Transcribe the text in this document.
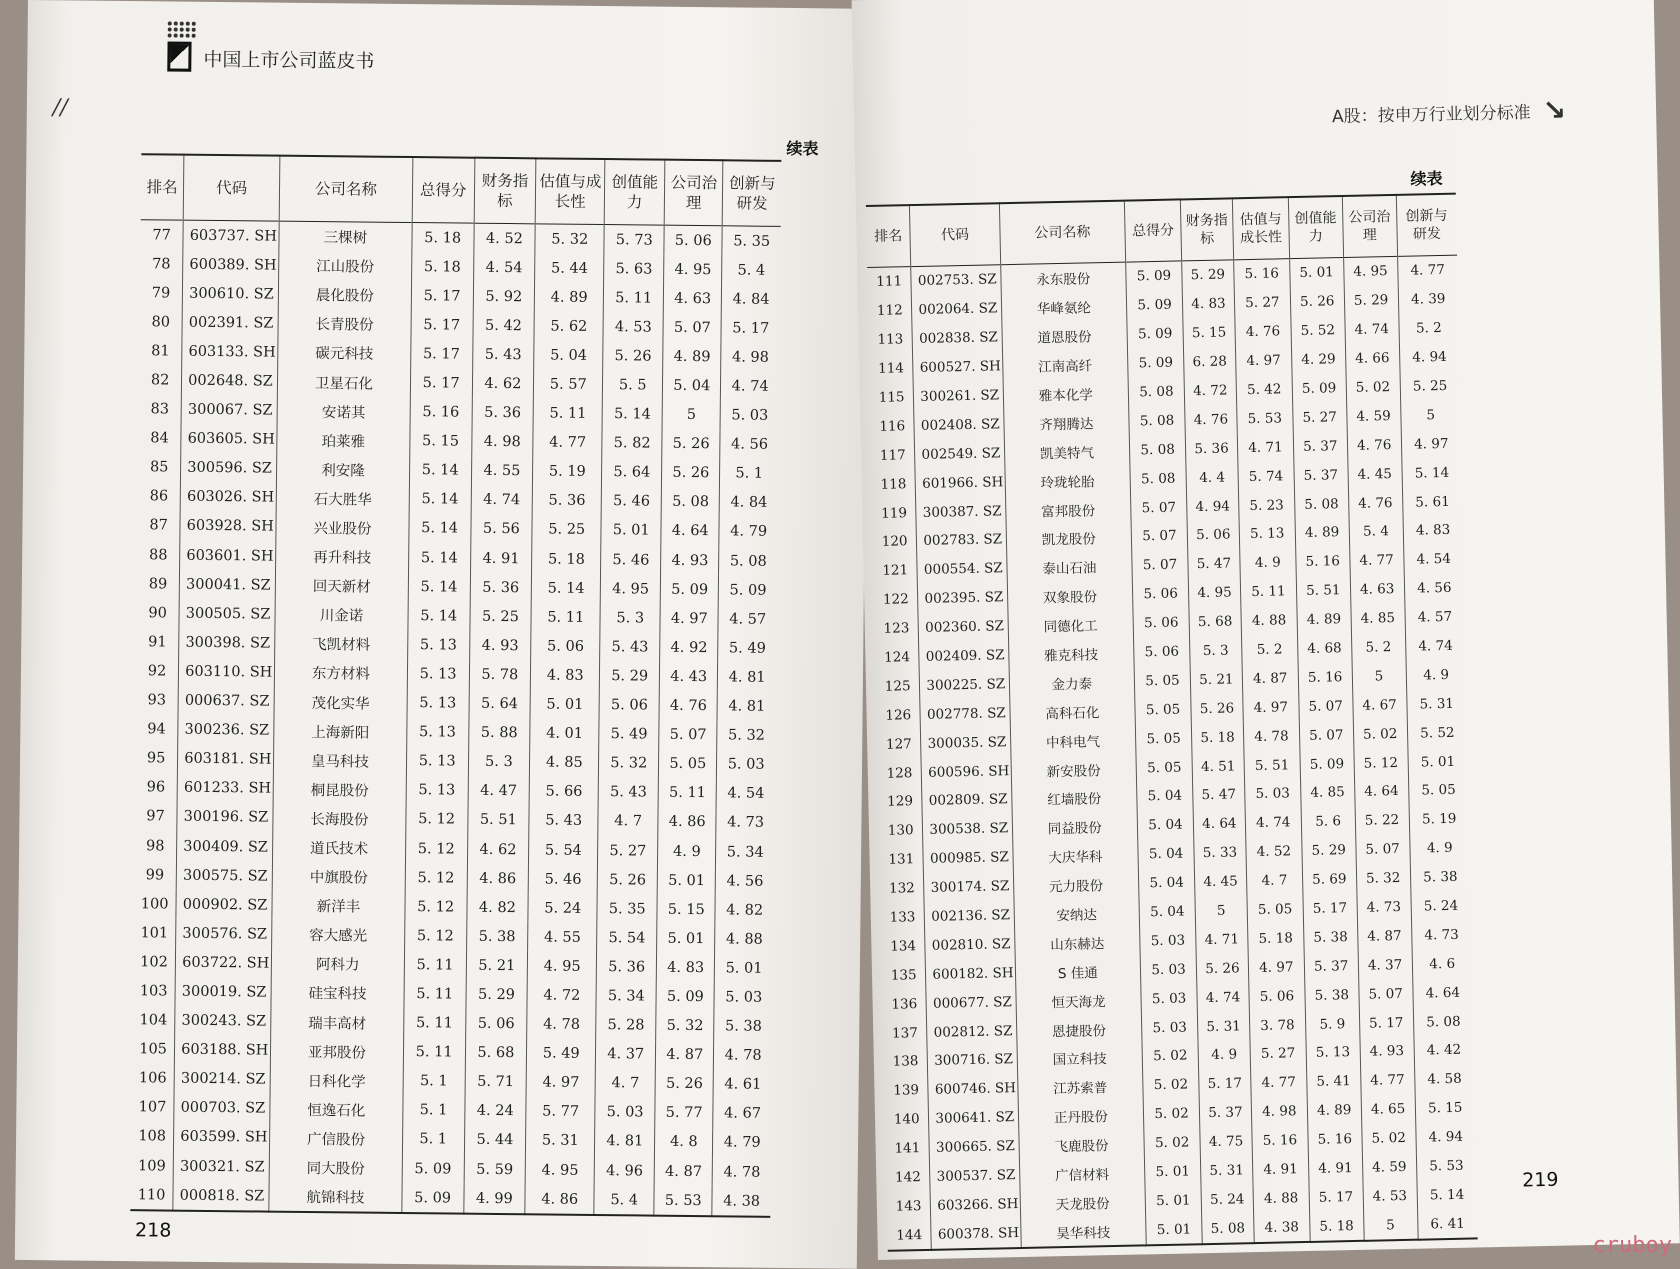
//
中国上市公司蓝皮书
续表
排名	代码	公司名称	总得分	财务指标	估值与成长性	创值能力	公司治理	创新与研发
77	603737. SH	三棵树	5. 18	4. 52	5. 32	5. 73	5. 06	5. 35
78	600389. SH	江山股份	5. 18	4. 54	5. 44	5. 63	4. 95	5. 4
79	300610. SZ	晨化股份	5. 17	5. 92	4. 89	5. 11	4. 63	4. 84
80	002391. SZ	长青股份	5. 17	5. 42	5. 62	4. 53	5. 07	5. 17
81	603133. SH	碳元科技	5. 17	5. 43	5. 04	5. 26	4. 89	4. 98
82	002648. SZ	卫星石化	5. 17	4. 62	5. 57	5. 5	5. 04	4. 74
83	300067. SZ	安诺其	5. 16	5. 36	5. 11	5. 14	5	5. 03
84	603605. SH	珀莱雅	5. 15	4. 98	4. 77	5. 82	5. 26	4. 56
85	300596. SZ	利安隆	5. 14	4. 55	5. 19	5. 64	5. 26	5. 1
86	603026. SH	石大胜华	5. 14	4. 74	5. 36	5. 46	5. 08	4. 84
87	603928. SH	兴业股份	5. 14	5. 56	5. 25	5. 01	4. 64	4. 79
88	603601. SH	再升科技	5. 14	4. 91	5. 18	5. 46	4. 93	5. 08
89	300041. SZ	回天新材	5. 14	5. 36	5. 14	4. 95	5. 09	5. 09
90	300505. SZ	川金诺	5. 14	5. 25	5. 11	5. 3	4. 97	4. 57
91	300398. SZ	飞凯材料	5. 13	4. 93	5. 06	5. 43	4. 92	5. 49
92	603110. SH	东方材料	5. 13	5. 78	4. 83	5. 29	4. 43	4. 81
93	000637. SZ	茂化实华	5. 13	5. 64	5. 01	5. 06	4. 76	4. 81
94	300236. SZ	上海新阳	5. 13	5. 88	4. 01	5. 49	5. 07	5. 32
95	603181. SH	皇马科技	5. 13	5. 3	4. 85	5. 32	5. 05	5. 03
96	601233. SH	桐昆股份	5. 13	4. 47	5. 66	5. 43	5. 11	4. 54
97	300196. SZ	长海股份	5. 12	5. 51	5. 43	4. 7	4. 86	4. 73
98	300409. SZ	道氏技术	5. 12	4. 62	5. 54	5. 27	4. 9	5. 34
99	300575. SZ	中旗股份	5. 12	4. 86	5. 46	5. 26	5. 01	4. 56
100	000902. SZ	新洋丰	5. 12	4. 82	5. 24	5. 35	5. 15	4. 82
101	300576. SZ	容大感光	5. 12	5. 38	4. 55	5. 54	5. 01	4. 88
102	603722. SH	阿科力	5. 11	5. 21	4. 95	5. 36	4. 83	5. 01
103	300019. SZ	硅宝科技	5. 11	5. 29	4. 72	5. 34	5. 09	5. 03
104	300243. SZ	瑞丰高材	5. 11	5. 06	4. 78	5. 28	5. 32	5. 38
105	603188. SH	亚邦股份	5. 11	5. 68	5. 49	4. 37	4. 87	4. 78
106	300214. SZ	日科化学	5. 1	5. 71	4. 97	4. 7	5. 26	4. 61
107	000703. SZ	恒逸石化	5. 1	4. 24	5. 77	5. 03	5. 77	4. 67
108	603599. SH	广信股份	5. 1	5. 44	5. 31	4. 81	4. 8	4. 79
109	300321. SZ	同大股份	5. 09	5. 59	4. 95	4. 96	4. 87	4. 78
110	000818. SZ	航锦科技	5. 09	4. 99	4. 86	5. 4	5. 53	4. 38
218
A股：按申万行业划分标准 ↘
续表
排名	代码	公司名称	总得分	财务指标	估值与成长性	创值能力	公司治理	创新与研发
111	002753. SZ	永东股份	5. 09	5. 29	5. 16	5. 01	4. 95	4. 77
112	002064. SZ	华峰氨纶	5. 09	4. 83	5. 27	5. 26	5. 29	4. 39
113	002838. SZ	道恩股份	5. 09	5. 15	4. 76	5. 52	4. 74	5. 2
114	600527. SH	江南高纤	5. 09	6. 28	4. 97	4. 29	4. 66	4. 94
115	300261. SZ	雅本化学	5. 08	4. 72	5. 42	5. 09	5. 02	5. 25
116	002408. SZ	齐翔腾达	5. 08	4. 76	5. 53	5. 27	4. 59	5
117	002549. SZ	凯美特气	5. 08	5. 36	4. 71	5. 37	4. 76	4. 97
118	601966. SH	玲珑轮胎	5. 08	4. 4	5. 74	5. 37	4. 45	5. 14
119	300387. SZ	富邦股份	5. 07	4. 94	5. 23	5. 08	4. 76	5. 61
120	002783. SZ	凯龙股份	5. 07	5. 06	5. 13	4. 89	5. 4	4. 83
121	000554. SZ	泰山石油	5. 07	5. 47	4. 9	5. 16	4. 77	4. 54
122	002395. SZ	双象股份	5. 06	4. 95	5. 11	5. 51	4. 63	4. 56
123	002360. SZ	同德化工	5. 06	5. 68	4. 88	4. 89	4. 85	4. 57
124	002409. SZ	雅克科技	5. 06	5. 3	5. 2	4. 68	5. 2	4. 74
125	300225. SZ	金力泰	5. 05	5. 21	4. 87	5. 16	5	4. 9
126	002778. SZ	高科石化	5. 05	5. 26	4. 97	5. 07	4. 67	5. 31
127	300035. SZ	中科电气	5. 05	5. 18	4. 78	5. 07	5. 02	5. 52
128	600596. SH	新安股份	5. 05	4. 51	5. 51	5. 09	5. 12	5. 01
129	002809. SZ	红墙股份	5. 04	5. 47	5. 03	4. 85	4. 64	5. 05
130	300538. SZ	同益股份	5. 04	4. 64	4. 74	5. 6	5. 22	5. 19
131	000985. SZ	大庆华科	5. 04	5. 33	4. 52	5. 29	5. 07	4. 9
132	300174. SZ	元力股份	5. 04	4. 45	4. 7	5. 69	5. 32	5. 38
133	002136. SZ	安纳达	5. 04	5	5. 05	5. 17	4. 73	5. 24
134	002810. SZ	山东赫达	5. 03	4. 71	5. 18	5. 38	4. 87	4. 73
135	600182. SH	S 佳通	5. 03	5. 26	4. 97	5. 37	4. 37	4. 6
136	000677. SZ	恒天海龙	5. 03	4. 74	5. 06	5. 38	5. 07	4. 64
137	002812. SZ	恩捷股份	5. 03	5. 31	3. 78	5. 9	5. 17	5. 08
138	300716. SZ	国立科技	5. 02	4. 9	5. 27	5. 13	4. 93	4. 42
139	600746. SH	江苏索普	5. 02	5. 17	4. 77	5. 41	4. 77	4. 58
140	300641. SZ	正丹股份	5. 02	5. 37	4. 98	4. 89	4. 65	5. 15
141	300665. SZ	飞鹿股份	5. 02	4. 75	5. 16	5. 16	5. 02	4. 94
142	300537. SZ	广信材料	5. 01	5. 31	4. 91	4. 91	4. 59	5. 53
143	603266. SH	天龙股份	5. 01	5. 24	4. 88	5. 17	4. 53	5. 14
144	600378. SH	昊华科技	5. 01	5. 08	4. 38	5. 18	5	6. 41
219
cruboy
